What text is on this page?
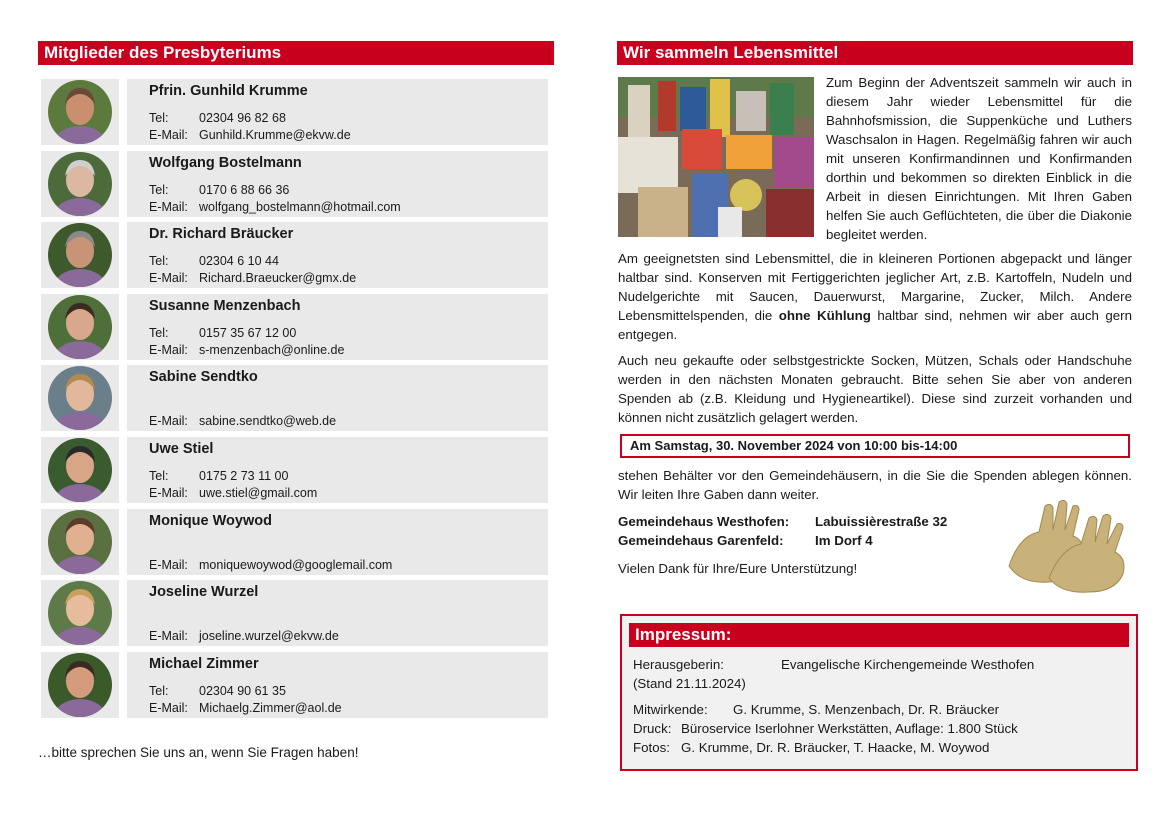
Mitglieder des Presbyteriums
Pfrin. Gunhild Krumme
Tel: 02304 96 82 68
E-Mail: Gunhild.Krumme@ekvw.de
Wolfgang Bostelmann
Tel: 0170 6 88 66 36
E-Mail: wolfgang_bostelmann@hotmail.com
Dr. Richard Bräucker
Tel: 02304 6 10 44
E-Mail: Richard.Braeucker@gmx.de
Susanne Menzenbach
Tel: 0157 35 67 12 00
E-Mail: s-menzenbach@online.de
Sabine Sendtko
E-Mail: sabine.sendtko@web.de
Uwe Stiel
Tel: 0175 2 73 11 00
E-Mail: uwe.stiel@gmail.com
Monique Woywod
E-Mail: moniquewoywod@googlemail.com
Joseline Wurzel
E-Mail: joseline.wurzel@ekvw.de
Michael Zimmer
Tel: 02304 90 61 35
E-Mail: Michaelg.Zimmer@aol.de
…bitte sprechen Sie uns an, wenn Sie Fragen haben!
Wir sammeln Lebensmittel
Zum Beginn der Adventszeit sammeln wir auch in diesem Jahr wieder Lebensmittel für die Bahnhofsmission, die Suppenküche und Luthers Waschsalon in Hagen. Regelmäßig fahren wir auch mit unseren Konfirmandinnen und Konfirmanden dorthin und bekommen so direkten Einblick in die Arbeit in diesen Einrichtungen. Mit Ihren Gaben helfen Sie auch Geflüchteten, die über die Diakonie begleitet werden.
Am geeignetsten sind Lebensmittel, die in kleineren Portionen abgepackt und länger haltbar sind. Konserven mit Fertiggerichten jeglicher Art, z.B. Kartoffeln, Nudeln und Nudelgerichte mit Saucen, Dauerwurst, Margarine, Zucker, Milch. Andere Lebensmittelspenden, die ohne Kühlung haltbar sind, nehmen wir aber auch gern entgegen.
Auch neu gekaufte oder selbstgestrickte Socken, Mützen, Schals oder Handschuhe werden in den nächsten Monaten gebraucht. Bitte sehen Sie aber von anderen Spenden ab (z.B. Kleidung und Hygieneartikel). Diese sind zurzeit vorhanden und können nicht zusätzlich gelagert werden.
Am Samstag, 30. November 2024 von 10:00 bis-14:00
stehen Behälter vor den Gemeindehäusern, in die Sie die Spenden ablegen können. Wir leiten Ihre Gaben dann weiter.
Gemeindehaus Westhofen:	Labuissièrestraße 32
Gemeindehaus Garenfeld:	Im Dorf 4
Vielen Dank für Ihre/Eure Unterstützung!
Impressum:
Herausgeberin:	Evangelische Kirchengemeinde Westhofen
(Stand 21.11.2024)
Mitwirkende: G. Krumme, S. Menzenbach, Dr. R. Bräucker
Druck: Büroservice Iserlohner Werkstätten, Auflage: 1.800 Stück
Fotos: G. Krumme, Dr. R. Bräucker, T. Haacke, M. Woywod
